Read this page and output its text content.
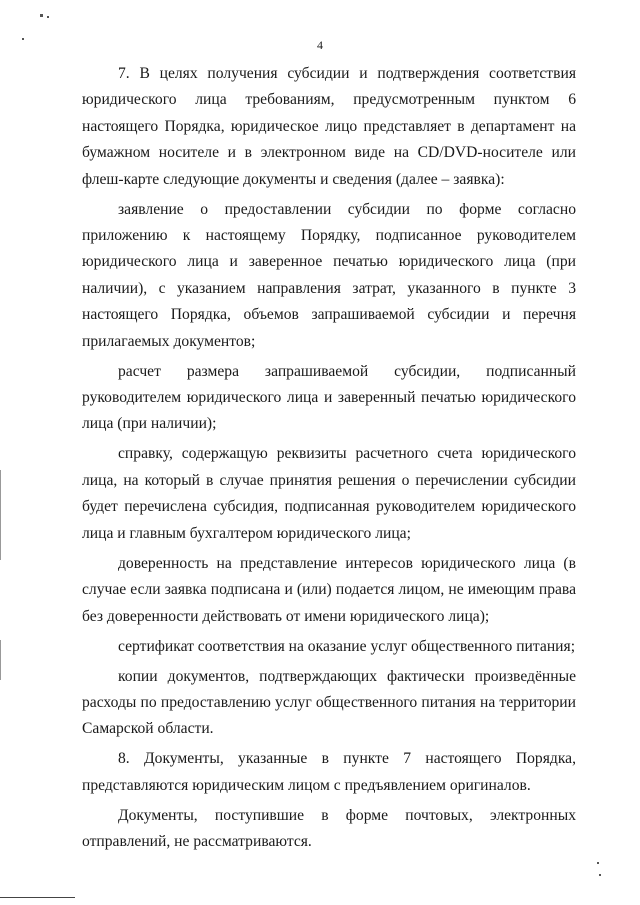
4

7. В целях получения субсидии и подтверждения соответствия юридического лица требованиям, предусмотренным пунктом 6 настоящего Порядка, юридическое лицо представляет в департамент на бумажном носителе и в электронном виде на CD/DVD-носителе или флеш-карте следующие документы и сведения (далее – заявка):

заявление о предоставлении субсидии по форме согласно приложению к настоящему Порядку, подписанное руководителем юридического лица и заверенное печатью юридического лица (при наличии), с указанием направления затрат, указанного в пункте 3 настоящего Порядка, объемов запрашиваемой субсидии и перечня прилагаемых документов;

расчет размера запрашиваемой субсидии, подписанный руководителем юридического лица и заверенный печатью юридического лица (при наличии);

справку, содержащую реквизиты расчетного счета юридического лица, на который в случае принятия решения о перечислении субсидии будет перечислена субсидия, подписанная руководителем юридического лица и главным бухгалтером юридического лица;

доверенность на представление интересов юридического лица (в случае если заявка подписана и (или) подается лицом, не имеющим права без доверенности действовать от имени юридического лица);

сертификат соответствия на оказание услуг общественного питания;

копии документов, подтверждающих фактически произведённые расходы по предоставлению услуг общественного питания на территории Самарской области.

8. Документы, указанные в пункте 7 настоящего Порядка, представляются юридическим лицом с предъявлением оригиналов.

Документы, поступившие в форме почтовых, электронных отправлений, не рассматриваются.
